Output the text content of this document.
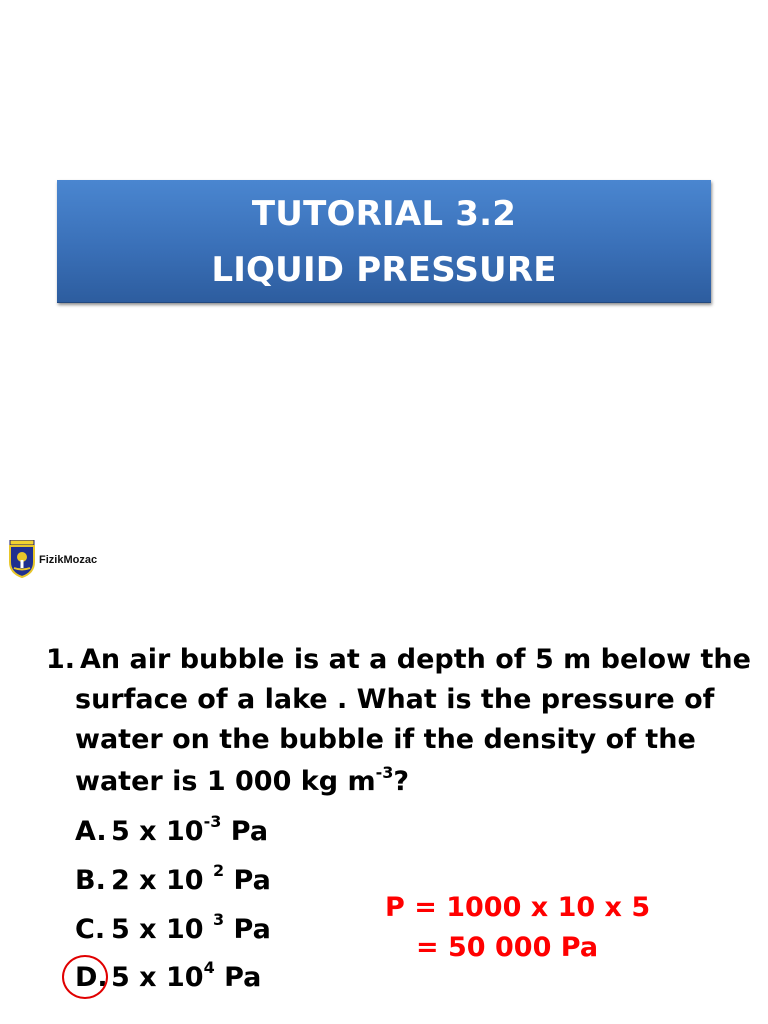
TUTORIAL 3.2
LIQUID PRESSURE
FizikMozac
1. An air bubble is at a depth of 5 m below the
surface of a lake . What is the pressure of
water on the bubble if the density of the
water is 1 000 kg $m^{-3}$?
A. 5 x $10^{-3}$ Pa
B. 2 x 10 $^2$ Pa
C. 5 x 10 $^3$ Pa
D. 5 x $10^4$ Pa
P = 1000 x 10 x 5
= 50 000 Pa
